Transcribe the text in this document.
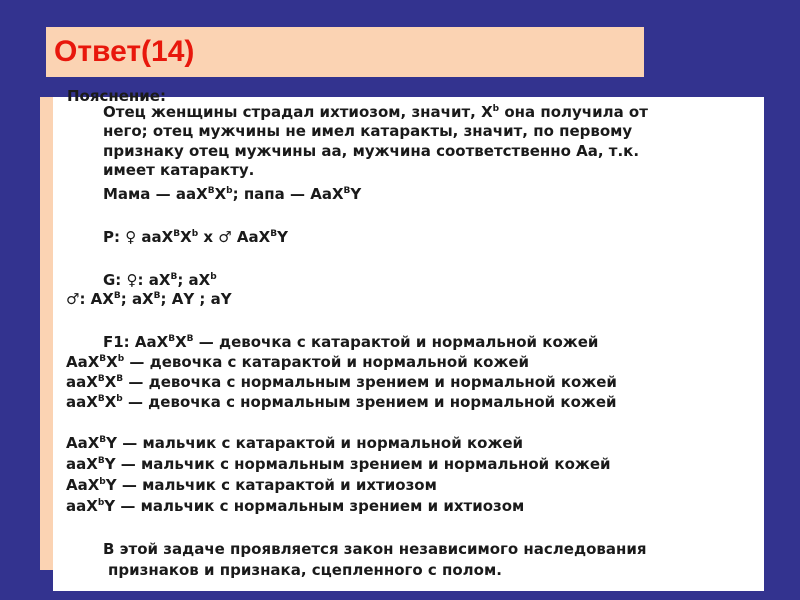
Ответ(14)
Пояснение:
Отец женщины страдал ихтиозом, значит, $Х^b$ она получила от
него; отец мужчины не имел катаракты, значит, по первому
признаку отец мужчины аа, мужчина соответственно Аа, т.к.
имеет катаракту.
Мама — $ааХ^ВХ^b$; папа — АаХ$^В$Y
Р: ♀ $ааХ^ВХ^b$ х ♂ АаХ$^В$Y
G: ♀: $аХ^В$; $аХ^b$
♂: $АХ^В$; $аХ^В$; АY ; аY
F1: $АаХ^ВХ^В$ — девочка с катарактой и нормальной кожей
$АаХ^ВХ^b$ — девочка с катарактой и нормальной кожей
$ааХ^ВХ^В$ — девочка с нормальным зрением и нормальной кожей
$ааХ^ВХ^b$ — девочка с нормальным зрением и нормальной кожей
АаХ$^В$Y — мальчик с катарактой и нормальной кожей
ааХ$^В$Y — мальчик с нормальным зрением и нормальной кожей
АаХ$^b$Y — мальчик с катарактой и ихтиозом
ааХ$^b$Y — мальчик с нормальным зрением и ихтиозом
В этой задаче проявляется закон независимого наследования
признаков и признака, сцепленного с полом.
